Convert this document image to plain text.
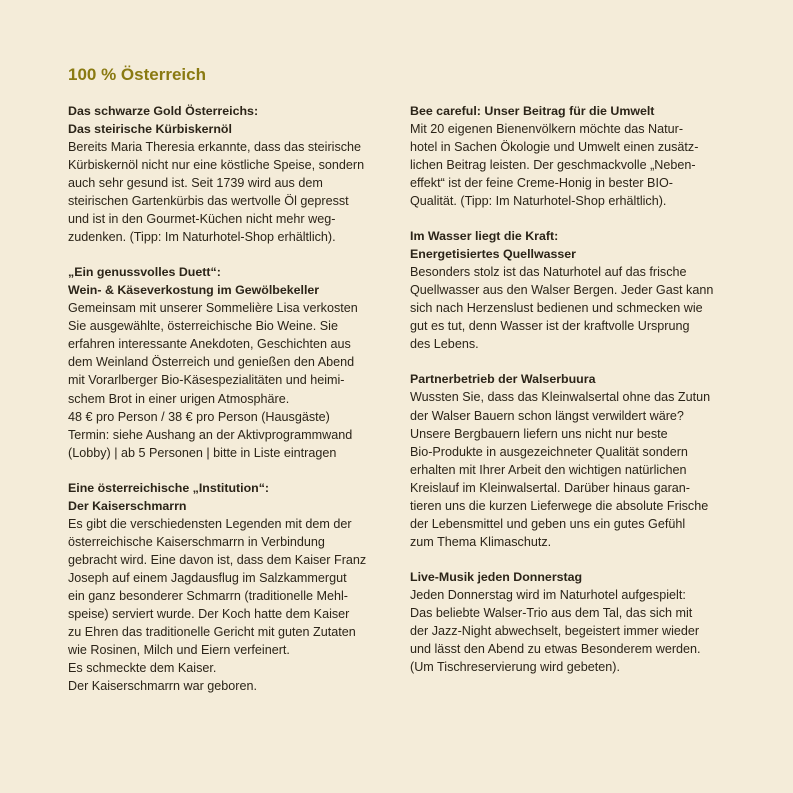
100 % Österreich

Das schwarze Gold Österreichs:

Das steirische Kürbiskernöl

Bereits Maria Theresia erkannte, dass das steirische

Kürbiskernöl nicht nur eine köstliche Speise, sondern

auch sehr gesund ist. Seit 1739 wird aus dem

steirischen Gartenkürbis das wertvolle Öl gepresst

und ist in den Gourmet-Küchen nicht mehr weg-

zudenken. (Tipp: Im Naturhotel-Shop erhältlich).

„Ein genussvolles Duett“:

Wein- & Käseverkostung im Gewölbekeller

Gemeinsam mit unserer Sommelière Lisa verkosten

Sie ausgewählte, österreichische Bio Weine. Sie

erfahren interessante Anekdoten, Geschichten aus

dem Weinland Österreich und genießen den Abend

mit Vorarlberger Bio-Käsespezialitäten und heimi-

schem Brot in einer urigen Atmosphäre.

48 € pro Person / 38 € pro Person (Hausgäste)

Termin: siehe Aushang an der Aktivprogrammwand

(Lobby) | ab 5 Personen | bitte in Liste eintragen

Eine österreichische „Institution“:

Der Kaiserschmarrn

Es gibt die verschiedensten Legenden mit dem der

österreichische Kaiserschmarrn in Verbindung

gebracht wird. Eine davon ist, dass dem Kaiser Franz

Joseph auf einem Jagdausflug im Salzkammergut

ein ganz besonderer Schmarrn (traditionelle Mehl-

speise) serviert wurde. Der Koch hatte dem Kaiser

zu Ehren das traditionelle Gericht mit guten Zutaten

wie Rosinen, Milch und Eiern verfeinert.

Es schmeckte dem Kaiser.

Der Kaiserschmarrn war geboren.

Bee careful: Unser Beitrag für die Umwelt

Mit 20 eigenen Bienenvölkern möchte das Natur-

hotel in Sachen Ökologie und Umwelt einen zusätz-

lichen Beitrag leisten. Der geschmackvolle „Neben-

effekt“ ist der feine Creme-Honig in bester BIO-

Qualität. (Tipp: Im Naturhotel-Shop erhältlich).

Im Wasser liegt die Kraft:

Energetisiertes Quellwasser

Besonders stolz ist das Naturhotel auf das frische

Quellwasser aus den Walser Bergen. Jeder Gast kann

sich nach Herzenslust bedienen und schmecken wie

gut es tut, denn Wasser ist der kraftvolle Ursprung

des Lebens.

Partnerbetrieb der Walserbuura

Wussten Sie, dass das Kleinwalsertal ohne das Zutun

der Walser Bauern schon längst verwildert wäre?

Unsere Bergbauern liefern uns nicht nur beste

Bio-Produkte in ausgezeichneter Qualität sondern

erhalten mit Ihrer Arbeit den wichtigen natürlichen

Kreislauf im Kleinwalsertal. Darüber hinaus garan-

tieren uns die kurzen Lieferwege die absolute Frische

der Lebensmittel und geben uns ein gutes Gefühl

zum Thema Klimaschutz.

Live-Musik jeden Donnerstag

Jeden Donnerstag wird im Naturhotel aufgespielt:

Das beliebte Walser-Trio aus dem Tal, das sich mit

der Jazz-Night abwechselt, begeistert immer wieder

und lässt den Abend zu etwas Besonderem werden.

(Um Tischreservierung wird gebeten).
